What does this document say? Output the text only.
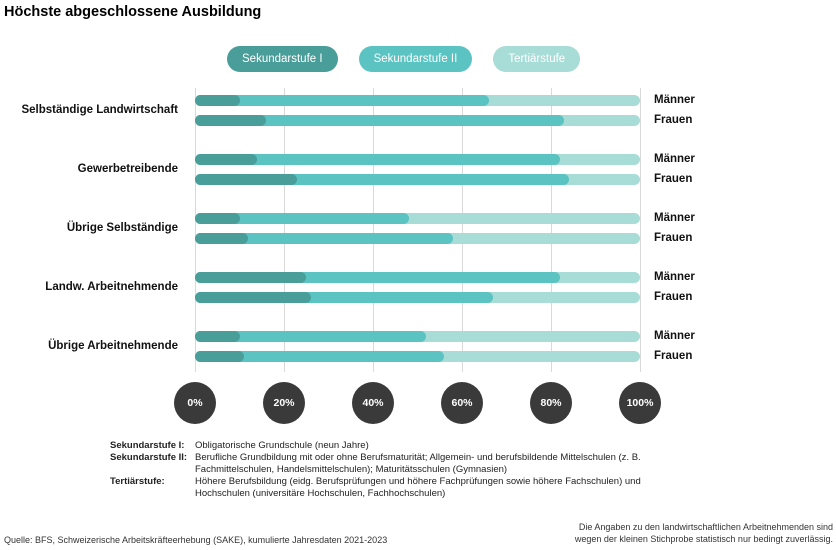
Höchste abgeschlossene Ausbildung
Sekundarstufe I	Sekundarstufe II	Tertiärstufe
0%	20%	40%	60%	80%	100%
Selbständige Landwirtschaft
Männer
Frauen
Gewerbetreibende
Männer
Frauen
Übrige Selbständige
Männer
Frauen
Landw. Arbeitnehmende
Männer
Frauen
Übrige Arbeitnehmende
Männer
Frauen
Sekundarstufe I:	Obligatorische Grundschule (neun Jahre)
Sekundarstufe II: Berufliche Grundbildung mit oder ohne Berufsmaturität; Allgemein- und berufsbildende Mittelschulen (z. B. Fachmittelschulen, Handelsmittelschulen); Maturitätsschulen (Gymnasien)
Tertiärstufe:	Höhere Berufsbildung (eidg. Berufsprüfungen und höhere Fachprüfungen sowie höhere Fachschulen) und Hochschulen (universitäre Hochschulen, Fachhochschulen)
Quelle: BFS, Schweizerische Arbeitskräfteerhebung (SAKE), kumulierte Jahresdaten 2021-2023
Die Angaben zu den landwirtschaftlichen Arbeitnehmenden sind
wegen der kleinen Stichprobe statistisch nur bedingt zuverlässig.
